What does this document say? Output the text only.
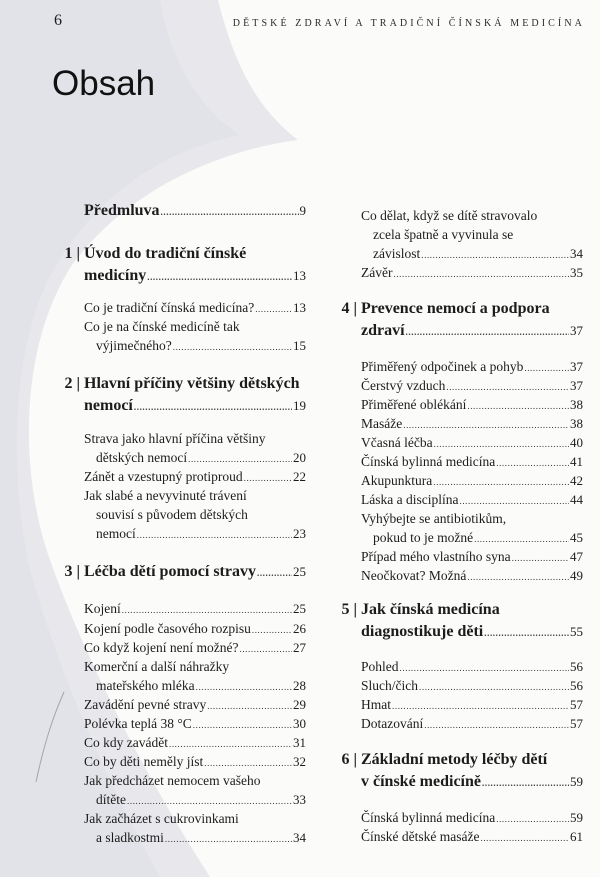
6	DĚTSKÉ ZDRAVÍ A TRADIČNÍ ČÍNSKÁ MEDICÍNA
Obsah
Předmluva .....	9
1 | Úvod do tradiční čínské
medicíny .....	13
Co je tradiční čínská medicína? .....	13
Co je na čínské medicíně tak
výjimečného? .....	15
2 | Hlavní příčiny většiny dětských
nemocí .....	19
Strava jako hlavní příčina většiny
dětských nemocí .....	20
Zánět a vzestupný protiproud .....	22
Jak slabé a nevyvinuté trávení
souvisí s původem dětských
nemocí .....	23
3 | Léčba dětí pomocí stravy .....	25
Kojení .....	25
Kojení podle časového rozpisu .....	26
Co když kojení není možné? .....	27
Komerční a další náhražky
mateřského mléka .....	28
Zavádění pevné stravy .....	29
Polévka teplá 38 °C .....	30
Co kdy zavádět .....	31
Co by děti neměly jíst .....	32
Jak předcházet nemocem vašeho
dítěte .....	33
Jak začházet s cukrovinkami
a sladkostmi .....	34
Co dělat, když se dítě stravovalo
zcela špatně a vyvinula se
závislost .....	34
Závěr .....	35
4 | Prevence nemocí a podpora
zdraví .....	37
Přiměřený odpočinek a pohyb .....	37
Čerstvý vzduch .....	37
Přiměřené oblékání .....	38
Masáže .....	38
Včasná léčba .....	40
Čínská bylinná medicína .....	41
Akupunktura .....	42
Láska a disciplína .....	44
Vyhýbejte se antibiotikům,
pokud to je možné .....	45
Případ mého vlastního syna .....	47
Neočkovat? Možná .....	49
5 | Jak čínská medicína
diagnostikuje děti .....	55
Pohled .....	56
Sluch/čich .....	56
Hmat .....	57
Dotazování .....	57
6 | Základní metody léčby dětí
v čínské medicíně .....	59
Čínská bylinná medicína .....	59
Čínské dětské masáže .....	61
